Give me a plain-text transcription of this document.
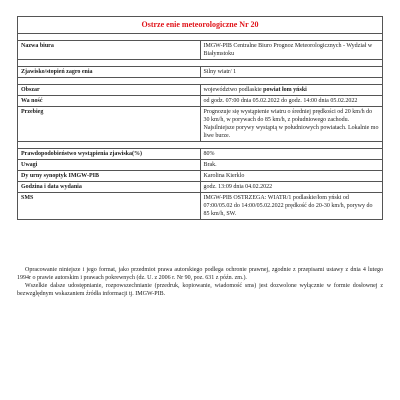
Ostrze enie meteorologiczne Nr 20	

Nazwa biura	IMGW-PIB Centralne Biuro Prognoz Meteorologicznych - Wydział w Białymstoku

Zjawisko/stopień zagro enia	Silny wiatr/ 1

Obszar	województwo podlaskie powiat łom yński
Wa ność	od godz. 07:00 dnia 05.02.2022 do godz. 14:00 dnia 05.02.2022
Przebieg	Prognozuje się wystąpienie wiatru o średniej prędkości od 20 km/h do 30 km/h, w porywach do 85 km/h, z południowego zachodu. Najsilniejsze porywy wystąpią w południowych powiatach. Lokalnie mo liwe burze.

Prawdopodobieństwo wystąpienia zjawiska(%)	80%
Uwagi	Brak.
Dy urny synoptyk IMGW-PIB	Karolina Kierklo
Godzina i data wydania	godz. 13:09 dnia 04.02.2022
SMS	IMGW-PIB OSTRZEGA: WIATR/1 podlaskie/łom yński od 07:00/05.02 do 14:00/05.02.2022 prędkość do 20-30 km/h, porywy do 85 km/h, SW.

Opracowanie niniejsze i jego format, jako przedmiot prawa autorskiego podlega ochronie prawnej, zgodnie z przepisami ustawy z dnia 4 lutego 1994r o prawie autorskim i prawach pokrewnych (dz. U. z 2006 r. Nr 90, poz. 631 z późn. zm.).

Wszelkie dalsze udostępnianie, rozpowszechnianie (przedruk, kopiowanie, wiadomość sms) jest dozwolone wyłącznie w formie dosłownej z bezwzględnym wskazaniem źródła informacji tj. IMGW-PIB.
